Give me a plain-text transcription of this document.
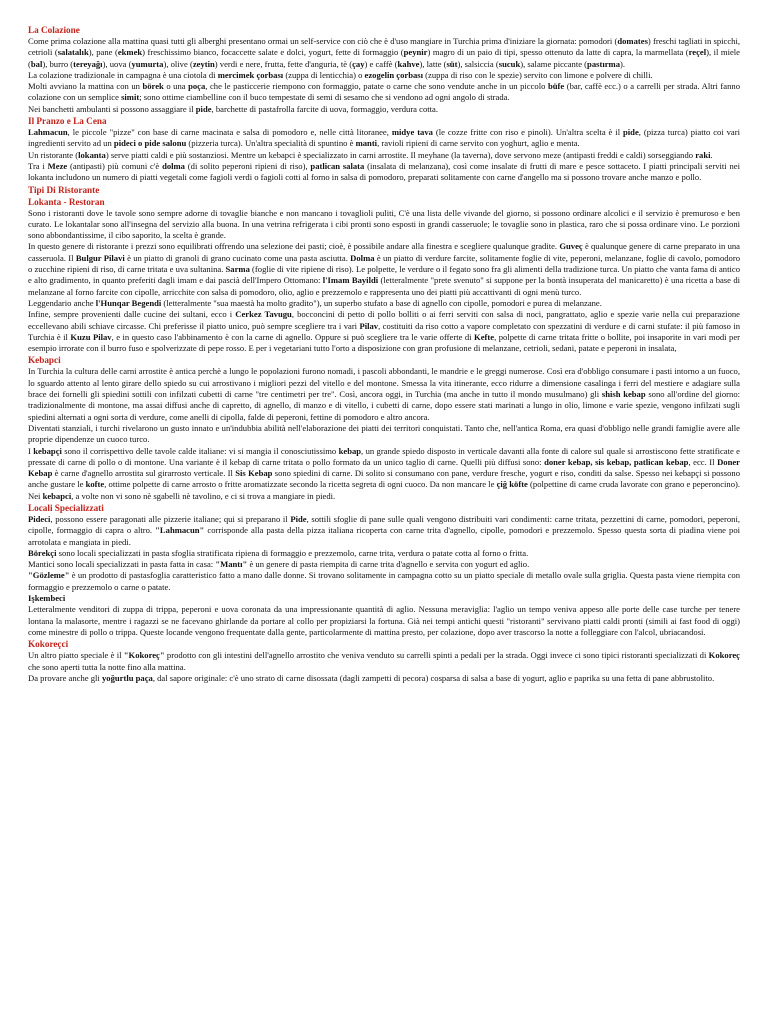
La Colazione

Come prima colazione alla mattina quasi tutti gli alberghi presentano ormai un self-service con ciò che è d'uso mangiare in Turchia prima d'iniziare la giornata: pomodori (domates) freschi tagliati in spicchi, cetrioli (salatalık), pane (ekmek) freschissimo bianco, focaccette salate e dolci, yogurt, fette di formaggio (peynir) magro di un paio di tipi, spesso ottenuto da latte di capra, la marmellata (reçel), il miele (bal), burro (tereyağı), uova (yumurta), olive (zeytin) verdi e nere, frutta, fette d'anguria, tè (çay) e caffè (kahve), latte (süt), salsiccia (sucuk), salame piccante (pastırma).

La colazione tradizionale in campagna è una ciotola di mercimek çorbası (zuppa di lenticchia) o ezogelin çorbası (zuppa di riso con le spezie) servito con limone e polvere di chilli.

Molti avviano la mattina con un börek o una poça, che le pasticcerie riempono con formaggio, patate o carne che sono vendute anche in un piccolo büfe (bar, caffè ecc.) o a carrelli per strada. Altri fanno colazione con un semplice simit; sono ottime ciambelline con il buco tempestate di semi di sesamo che si vendono ad ogni angolo di strada.

Nei banchetti ambulanti si possono assaggiare il pide, barchette di pastafrolla farcite di uova, formaggio, verdura cotta.

Il Pranzo e La Cena

Lahmacun, le piccole "pizze" con base di carne macinata e salsa di pomodoro e, nelle città litoranee, midye tava (le cozze fritte con riso e pinoli). Un'altra scelta è il pide, (pizza turca) piatto coi vari ingredienti servito ad un pideci o pide salonu (pizzeria turca). Un'altra specialità di spuntino è manti, ravioli ripieni di carne servito con yoghurt, aglio e menta.

Un ristorante (lokanta) serve piatti caldi e più sostanziosi. Mentre un kebapci è specializzato in carni arrostite. Il meyhane (la taverna), dove servono meze (antipasti freddi e caldi) sorseggiando raki.

Tra i Meze (antipasti) più comuni c'è dolma (di solito peperoni ripieni di riso), patlican salata (insalata di melanzana), così come insalate di frutti di mare e pesce sottaceto. I piatti principali serviti nei lokanta includono un numero di piatti vegetali come fagioli verdi o fagioli cotti al forno in salsa di pomodoro, preparati solitamente con carne d'angello ma si possono trovare anche manzo e pollo.

Tipi Di Ristorante
Lokanta - Restoran

Sono i ristoranti dove le tavole sono sempre adorne di tovaglie bianche e non mancano i tovaglioli puliti, C'è una lista delle vivande del giorno, si possono ordinare alcolici e il servizio è premuroso e ben curato. Le lokantalar sono all'insegna del servizio alla buona. In una vetrina refrigerata i cibi pronti sono esposti in grandi casseruole; le tovaglie sono in plastica, raro che si possa ordinare vino. Le porzioni sono abbondantissime, il cibo saporito, la scelta è grande.

In questo genere di ristorante i prezzi sono equilibrati offrendo una selezione dei pasti; cioè, è possibile andare alla finestra e scegliere qualunque gradite. Guveç è qualunque genere di carne preparato in una casseruola. Il Bulgur Pilavi è un piatto di granoli di grano cucinato come una pasta asciutta. Dolma è un piatto di verdure farcite, solitamente foglie di vite, peperoni, melanzane, foglie di cavolo, pomodoro o zucchine ripieni di riso, di carne tritata e uva sultanina. Sarma (foglie di vite ripiene di riso). Le polpette, le verdure o il fegato sono fra gli alimenti della tradizione turca. Un piatto che vanta fama di antico e alto gradimento, in quanto preferiti dagli imam e dai pascià dell'Impero Ottomano: l'Imam Bayildi (letteralmente "prete svenuto" si suppone per la bontà insuperata del manicaretto) è una ricetta a base di melanzane al forno farcite con cipolle, arricchite con salsa di pomodoro, olio, aglio e prezzemolo e rappresenta uno dei piatti più accattivanti di ogni menù turco.

Leggendario anche l'Hunqar Begendi (letteralmente "sua maestà ha molto gradito"), un superbo stufato a base di agnello con cipolle, pomodori e purea di melanzane.

Infine, sempre provenienti dalle cucine dei sultani, ecco i Cerkez Tavugu, bocconcini di petto di pollo bolliti o ai ferri serviti con salsa di noci, pangrattato, aglio e spezie varie nella cui preparazione eccellevano abili schiave circasse. Chi preferisse il piatto unico, può sempre scegliere tra i vari Pilav, costituiti da riso cotto a vapore completato con spezzatini di verdure e di carni stufate: il più famoso in Turchia è il Kuzu Pilav, e in questo caso l'abbinamento è con la carne di agnello. Oppure si può scegliere tra le varie offerte di Kefte, polpette di carne tritata fritte o bollite, poi insaporite in vari modi per esempio irrorate con il burro fuso e spolverizzate di pepe rosso. E per i vegetariani tutto l'orto a disposizione con gran profusione di melanzane, cetrioli, sedani, patate e peperoni in insalata,

Kebapci

In Turchia la cultura delle carni arrostite è antica perchè a lungo le popolazioni furono nomadi, i pascoli abbondanti, le mandrie e le greggi numerose. Così era d'obbligo consumare i pasti intorno a un fuoco, lo sguardo attento al lento girare dello spiedo su cui arrostivano i migliori pezzi del vitello e del montone. Smessa la vita itinerante, ecco ridurre a dimensione casalinga i ferri del mestiere e adagiare sulla brace dei fornelli gli spiedini sottili con infilzati cubetti di carne "tre centimetri per tre". Così, ancora oggi, in Turchia (ma anche in tutto il mondo musulmano) gli shish kebap sono all'ordine del giorno: tradizionalmente di montone, ma assai diffusi anche di capretto, di agnello, di manzo e di vitello, i cubetti di carne, dopo essere stati marinati a lungo in olio, limone e varie spezie, vengono infilzati sugli spiedini alternati a ogni sorta di verdure, come anelli di cipolla, falde di peperoni, fettine di pomodoro e altro ancora.

Diventati stanziali, i turchi rivelarono un gusto innato e un'indubbia abilità nell'elaborazione dei piatti dei territori conquistati. Tanto che, nell'antica Roma, era quasi d'obbligo nelle grandi famiglie avere alle proprie dipendenze un cuoco turco.

I kebapçi sono il corrispettivo delle tavole calde italiane: vi si mangia il conosciutissimo kebap, un grande spiedo disposto in verticale davanti alla fonte di calore sul quale si arrostiscono fette stratificate e pressate di carne di pollo o di montone. Una variante è il kebap di carne tritata o pollo formato da un unico taglio di carne. Quelli più diffusi sono: doner kebap, sis kebap, patlican kebap, ecc. Il Doner Kebap è carne d'agnello arrostita sul girarrosto verticale. Il Sis Kebap sono spiedini di carne. Di solito si consumano con pane, verdure fresche, yogurt e riso, conditi da salse. Spesso nei kebapçi si possono anche gustare le kofte, ottime polpette di carne arrosto o fritte aromatizzate secondo la ricetta segreta di ogni cuoco. Da non mancare le çiğ köfte (polpettine di carne cruda lavorate con grano e peperoncino). Nei kebapci, a volte non vi sono nè sgabelli nè tavolino, e ci si trova a mangiare in piedi.

Locali Specializzati

Pideci, possono essere paragonati alle pizzerie italiane; qui si preparano il Pide, sottili sfoglie di pane sulle quali vengono distribuiti vari condimenti: carne tritata, pezzettini di carne, pomodori, peperoni, cipolle, formaggio di capra o altro. "Lahmacun" corrisponde alla pasta della pizza italiana ricoperta con carne trita d'agnello, cipolle, pomodori e prezzemolo. Spesso questa sorta di piadina viene poi arrotolata e mangiata in piedi.

Börekçi sono locali specializzati in pasta sfoglia stratificata ripiena di formaggio e prezzemolo, carne trita, verdura o patate cotta al forno o fritta.

Mantici sono locali specializzati in pasta fatta in casa: "Mantı" è un genere di pasta riempita di carne trita d'agnello e servita con yogurt ed aglio.

"Gözleme" è un prodotto di pastasfoglia caratteristico fatto a mano dalle donne. Si trovano solitamente in campagna cotto su un piatto speciale di metallo ovale sulla griglia. Questa pasta viene riempita con formaggio e prezzemolo o carne o patate.

Işkembeci

Letteralmente venditori di zuppa di trippa, peperoni e uova coronata da una impressionante quantità di aglio. Nessuna meraviglia: l'aglio un tempo veniva appeso alle porte delle case turche per tenere lontana la malasorte, mentre i ragazzi se ne facevano ghirlande da portare al collo per propiziarsi la fortuna. Già nei tempi antichi questi "ristoranti" servivano piatti caldi pronti (simili ai fast food di oggi) come minestre di pollo o trippa. Queste locande vengono frequentate dalla gente, particolarmente di mattina presto, per colazione, dopo aver trascorso la notte a folleggiare con l'alcol, ubriacandosi.

Kokoreçci

Un altro piatto speciale è il "Kokoreç" prodotto con gli intestini dell'agnello arrostito che veniva venduto su carrelli spinti a pedali per la strada. Oggi invece ci sono tipici ristoranti specializzati di Kokoreç che sono aperti tutta la notte fino alla mattina.

Da provare anche gli yoğurtlu paça, dal sapore originale: c'è uno strato di carne disossata (dagli zampetti di pecora) cosparsa di salsa a base di yogurt, aglio e paprika su una fetta di pane abbrustolito.
